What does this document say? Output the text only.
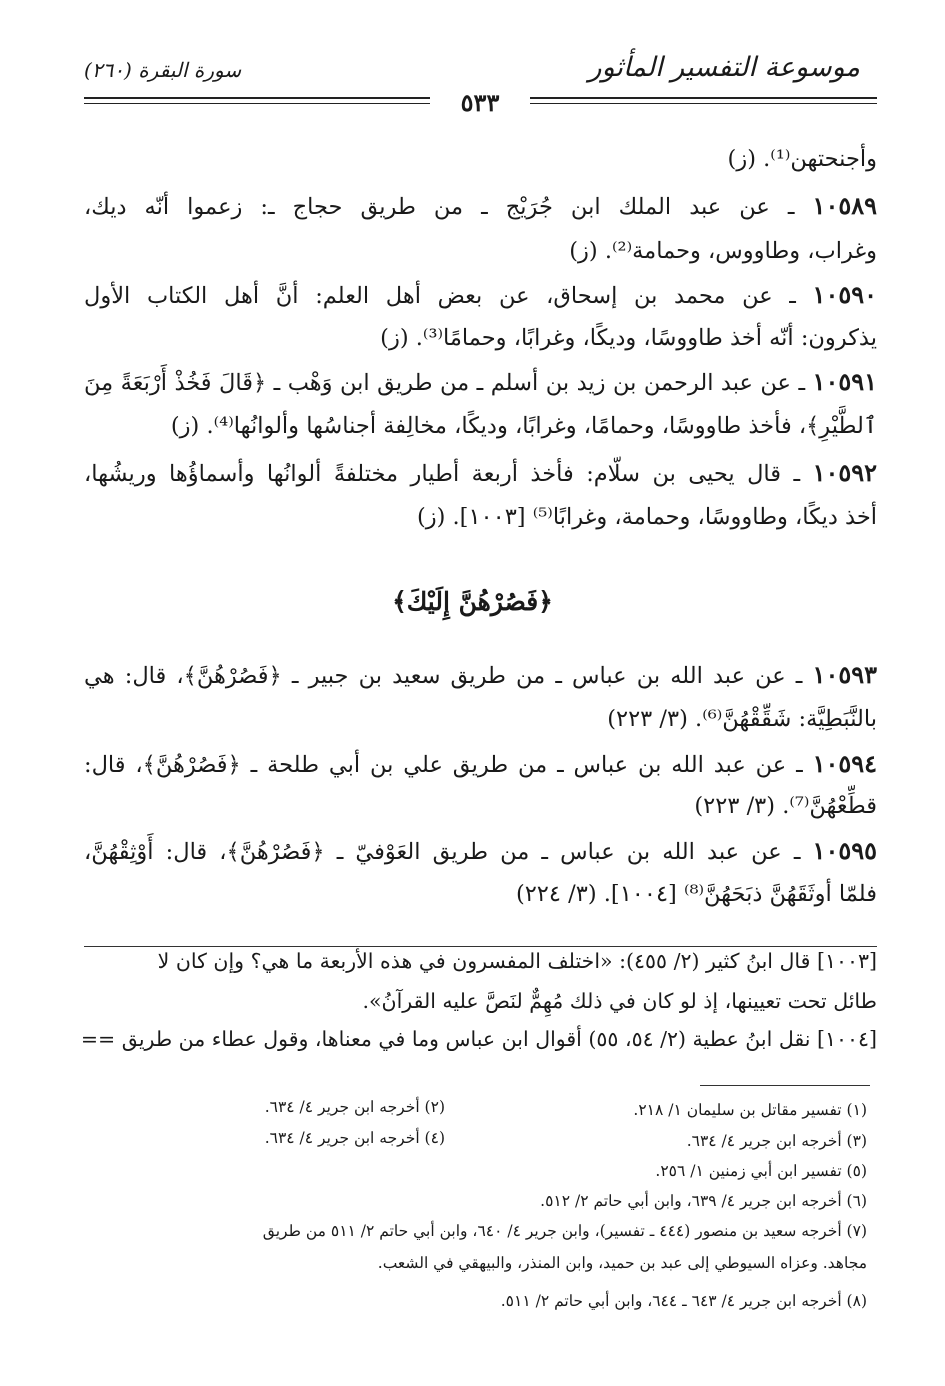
موسوعة التفسير المأثور
سورة البقرة (٢٦٠)
٥٣٣
وأجنحتهن⁽¹⁾. (ز)
١٠٥٨٩ ـ عن عبد الملك ابن جُرَيْج ـ من طريق حجاج ـ: زعموا أنّه ديك،
وغراب، وطاووس، وحمامة⁽²⁾. (ز)
١٠٥٩٠ ـ عن محمد بن إسحاق، عن بعض أهل العلم: أنَّ أهل الكتاب الأول
يذكرون: أنّه أخذ طاووسًا، وديكًا، وغرابًا، وحمامًا⁽³⁾. (ز)
١٠٥٩١ ـ عن عبد الرحمن بن زيد بن أسلم ـ من طريق ابن وَهْب ـ ﴿قَالَ فَخُذْ أَرْبَعَةً مِنَ
ٱلطَّيْرِ﴾، فأخذ طاووسًا، وحمامًا، وغرابًا، وديكًا، مخالِفة أجناسُها وألوانُها⁽⁴⁾. (ز)
١٠٥٩٢ ـ قال يحيى بن سلّام: فأخذ أربعة أطيار مختلفةً ألوانُها وأسماؤُها وريشُها،
أخذ ديكًا، وطاووسًا، وحمامة، وغرابًا⁽⁵⁾ [١٠٠٣]. (ز)
﴿فَصُرْهُنَّ إِلَيْكَ﴾
١٠٥٩٣ ـ عن عبد الله بن عباس ـ من طريق سعيد بن جبير ـ ﴿فَصُرْهُنَّ﴾، قال: هي
بالنَّبَطِيَّة: شَقِّقْهُنَّ⁽⁶⁾. (٣/ ٢٢٣)
١٠٥٩٤ ـ عن عبد الله بن عباس ـ من طريق علي بن أبي طلحة ـ ﴿فَصُرْهُنَّ﴾، قال:
قطِّعْهُنَّ⁽⁷⁾. (٣/ ٢٢٣)
١٠٥٩٥ ـ عن عبد الله بن عباس ـ من طريق العَوْفيّ ـ ﴿فَصُرْهُنَّ﴾، قال: أَوْثِقْهُنَّ،
فلمّا أوثَقَهُنَّ ذبَحَهُنَّ⁽⁸⁾ [١٠٠٤]. (٣/ ٢٢٤)
[١٠٠٣] قال ابنُ كثير (٢/ ٤٥٥): «اختلف المفسرون في هذه الأربعة ما هي؟ وإن كان لا
طائل تحت تعيينها، إذ لو كان في ذلك مُهِمٌّ لنَصَّ عليه القرآنُ».
[١٠٠٤] نقل ابنُ عطية (٢/ ٥٤، ٥٥) أقوال ابن عباس وما في معناها، وقول عطاء من طريق ==
(١) تفسير مقاتل بن سليمان ١/ ٢١٨.
(٢) أخرجه ابن جرير ٤/ ٦٣٤.
(٣) أخرجه ابن جرير ٤/ ٦٣٤.
(٤) أخرجه ابن جرير ٤/ ٦٣٤.
(٥) تفسير ابن أبي زمنين ١/ ٢٥٦.
(٦) أخرجه ابن جرير ٤/ ٦٣٩، وابن أبي حاتم ٢/ ٥١٢.
(٧) أخرجه سعيد بن منصور (٤٤٤ ـ تفسير)، وابن جرير ٤/ ٦٤٠، وابن أبي حاتم ٢/ ٥١١ من طريق
مجاهد. وعزاه السيوطي إلى عبد بن حميد، وابن المنذر، والبيهقي في الشعب.
(٨) أخرجه ابن جرير ٤/ ٦٤٣ ـ ٦٤٤، وابن أبي حاتم ٢/ ٥١١.
